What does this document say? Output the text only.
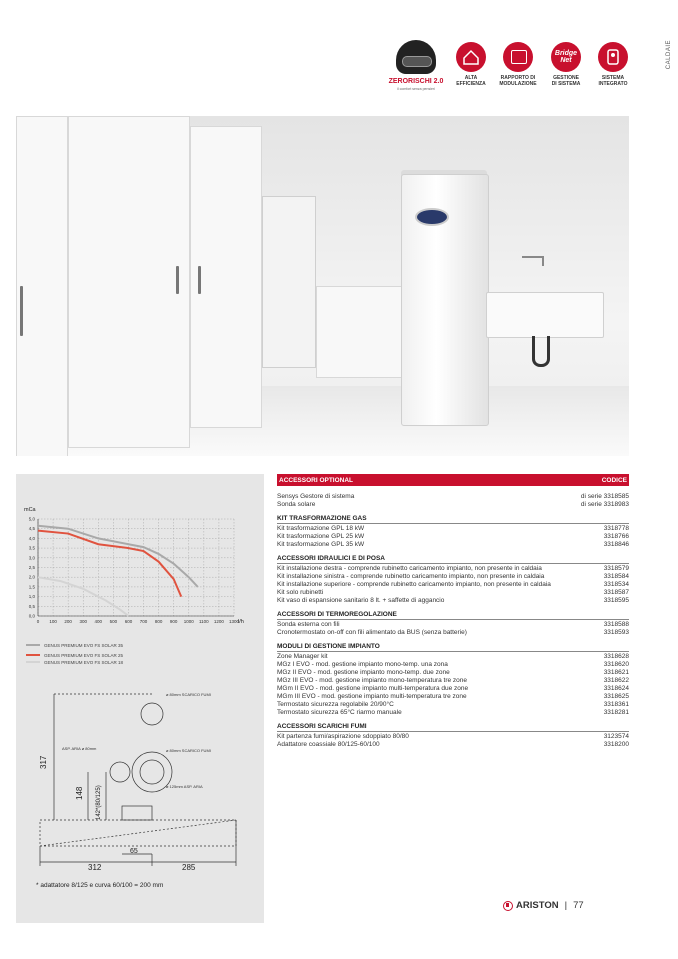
CALDAIE
ZERORISCHI 2.0
il comfort senza pensieri
ALTA
EFFICIENZA
RAPPORTO DI
MODULAZIONE
Bridge Net
GESTIONE
DI SISTEMA
SISTEMA
INTEGRATO
0,0
0,5
1,0
1,5
2,0
2,5
3,0
3,5
4,0
4,5
5,0
0 100 200 300 400 500 600 700 800 900 1000 1100 1200 1300
mCa
l/h
GENUS PREMIUM EVO FS SOLAR 35
GENUS PREMIUM EVO FS SOLAR 25
GENUS PREMIUM EVO FS SOLAR 18
317
148 142*(80/125)
65
312	285
ø 80mm SCARICO FUMI
ASP. ARIA ø 80mm	ø 80mm SCARICO FUMI
ø 125mm ASP. ARIA
* adattatore 8/125 e curva 60/100 = 200 mm
ACCESSORI OPTIONAL	CODICE
Sensys Gestore di sistema	di serie 3318585
Sonda solare	di serie 3318983
KIT TRASFORMAZIONE GAS
Kit trasformazione GPL 18 kW	3318778
Kit trasformazione GPL 25 kW	3318766
Kit trasformazione GPL 35 kW	3318846
ACCESSORI IDRAULICI E DI POSA
Kit installazione destra - comprende rubinetto caricamento impianto, non presente in caldaia	3318579
Kit installazione sinistra - comprende rubinetto caricamento impianto, non presente in caldaia	3318584
Kit installazione superiore - comprende rubinetto caricamento impianto, non presente in caldaia	3318534
Kit solo rubinetti	3318587
Kit vaso di espansione sanitario 8 lt. + saffette di aggancio	3318595
ACCESSORI DI TERMOREGOLAZIONE
Sonda esterna con fili	3318588
Cronotermostato on-off con fili alimentato da BUS (senza batterie)	3318593
MODULI DI GESTIONE IMPIANTO
Zone Manager kit	3318628
MGz I EVO - mod. gestione impianto mono-temp. una zona	3318620
MGz II EVO - mod. gestione impianto mono-temp. due zone	3318621
MGz III EVO - mod. gestione impianto mono-temperatura tre zone	3318622
MGm II EVO - mod. gestione impianto multi-temperatura due zone	3318624
MGm III EVO - mod. gestione impianto multi-temperatura tre zone	3318625
Termostato sicurezza regolabile 20/90°C	3318361
Termostato sicurezza 65°C riarmo manuale	3318281
ACCESSORI SCARICHI FUMI
Kit partenza fumi/aspirazione sdoppiato 80/80	3123574
Adattatore coassiale 80/125-60/100	3318200
ARISTON | 77
